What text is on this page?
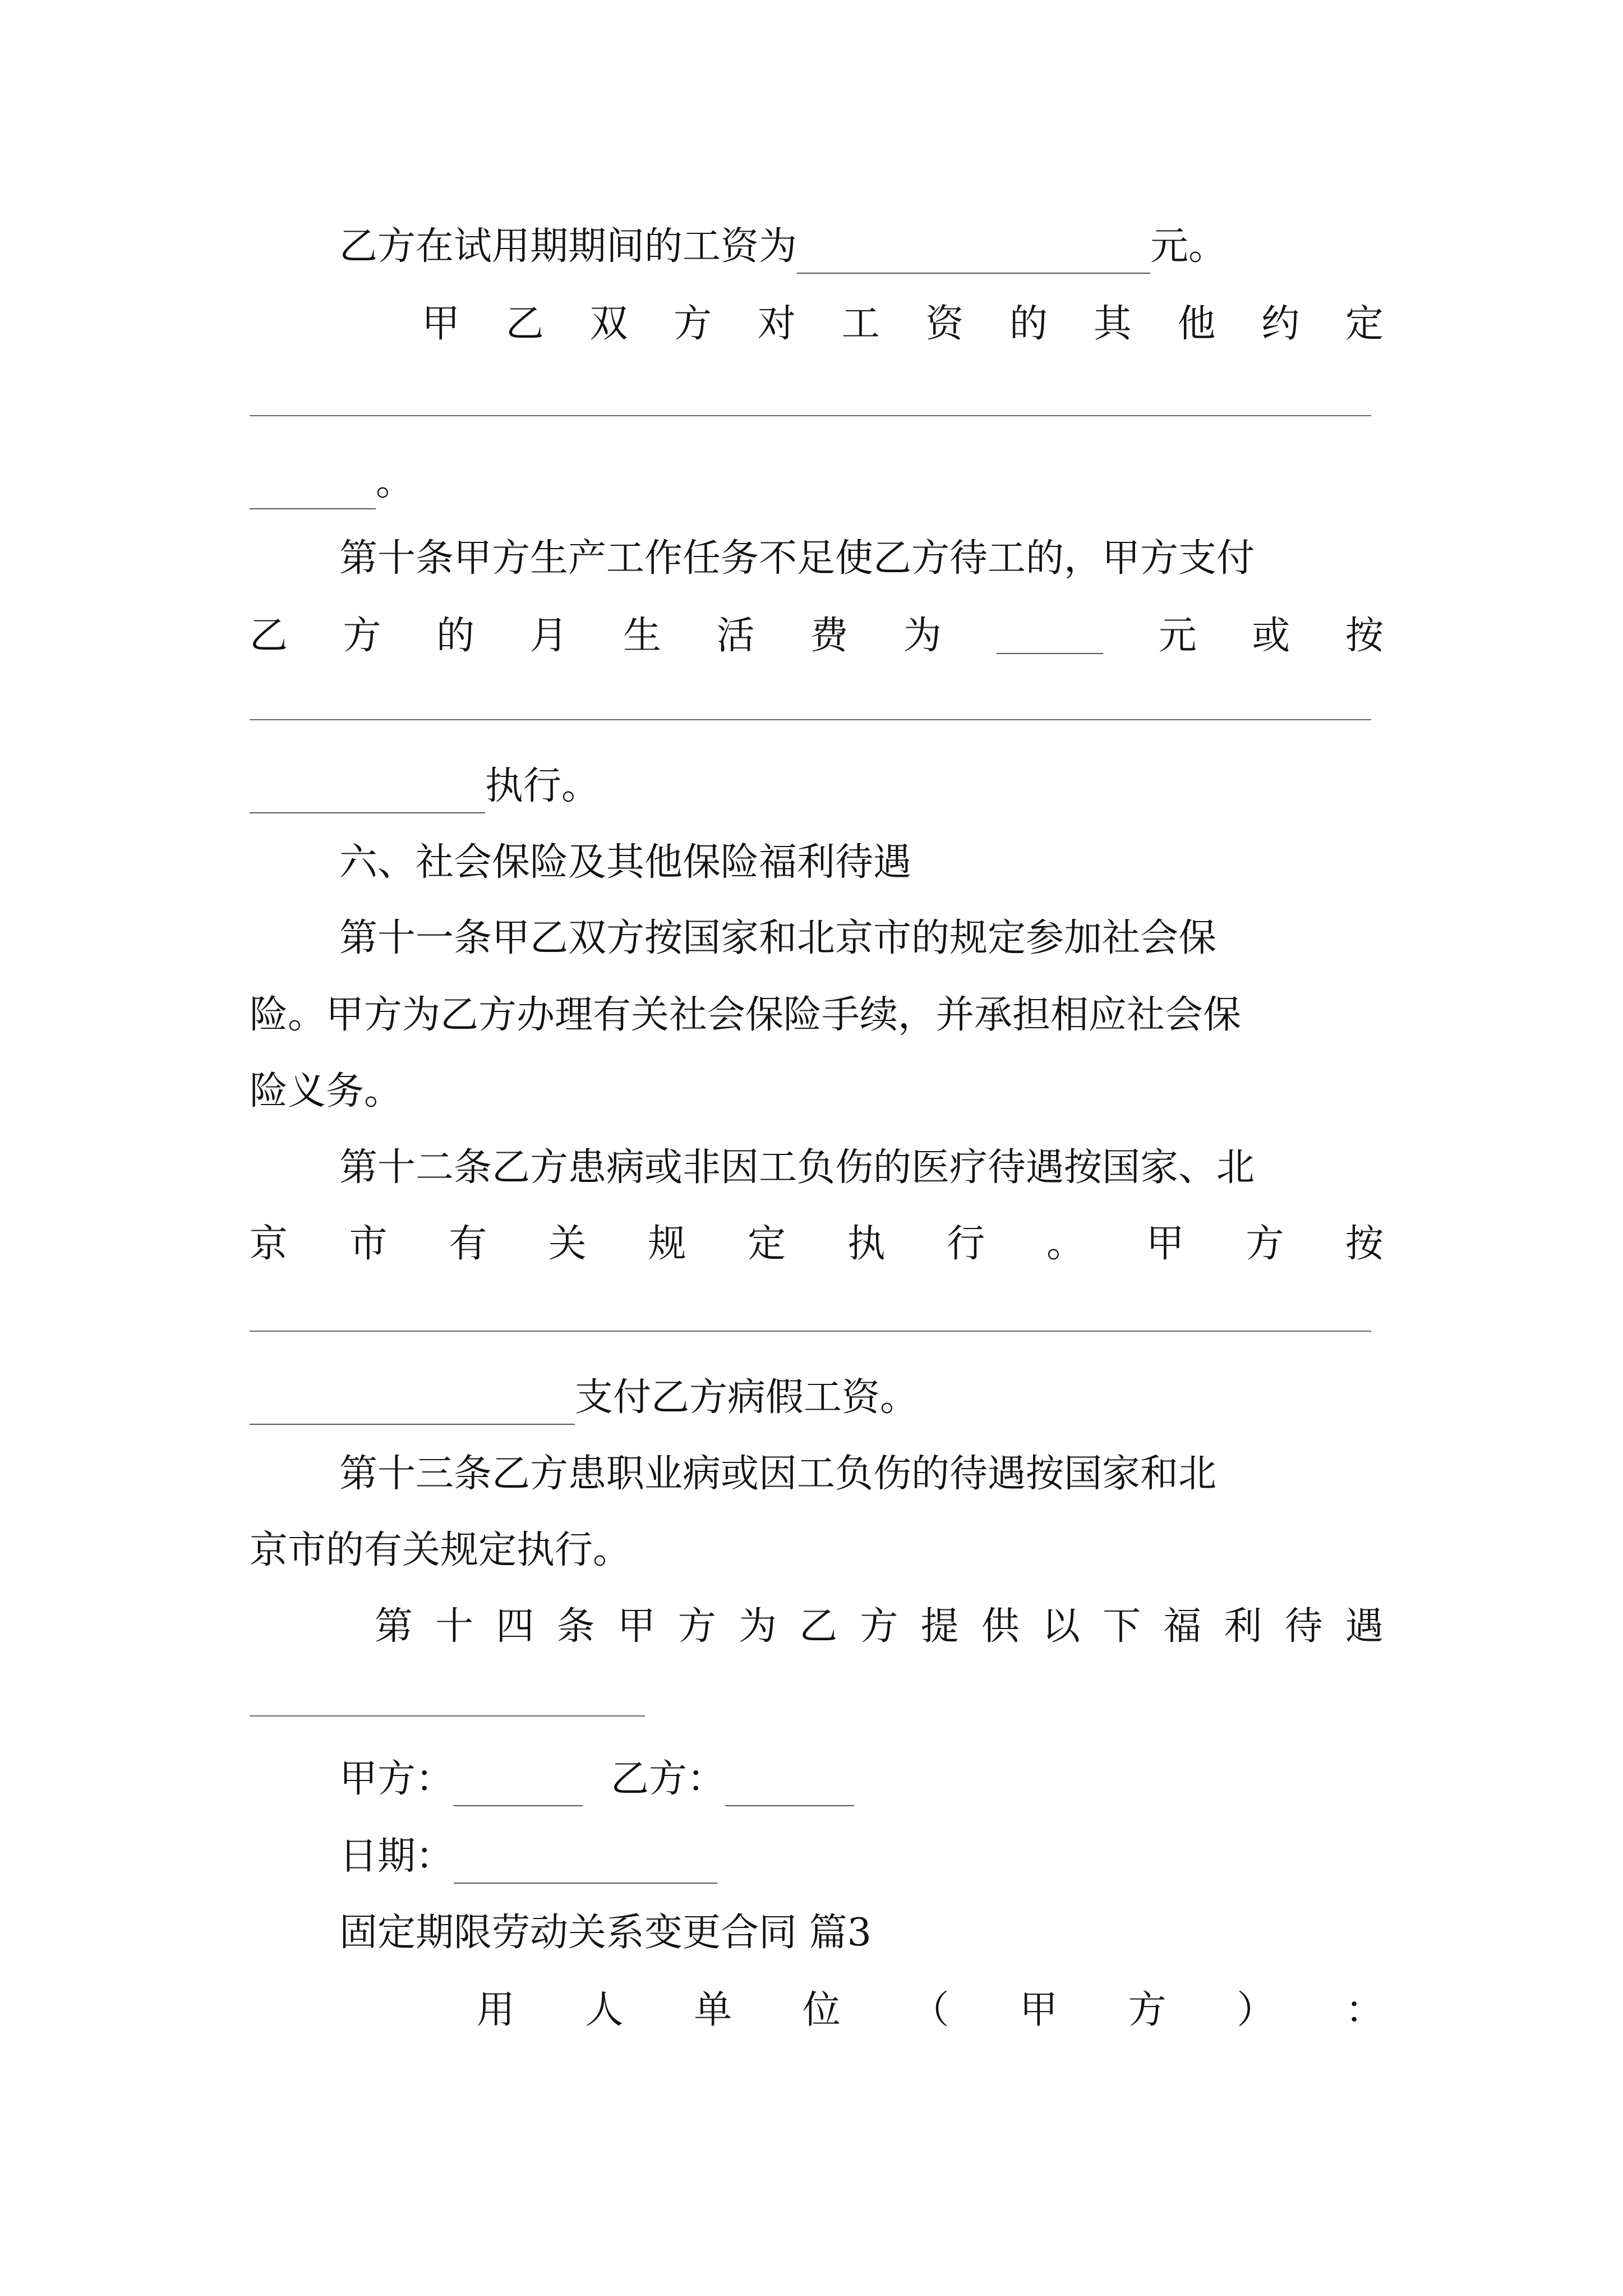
乙方在试用期期间的工资为	元。
甲 乙 双 方 对 工 资 的 其 他 约 定
。
第十条甲方生产工作任务不足使乙方待工的，甲方支付
乙 方 的 月 生 活 费 为	元 或 按
执行。
六、社会保险及其他保险福利待遇
第十一条甲乙双方按国家和北京市的规定参加社会保
险。甲方为乙方办理有关社会保险手续，并承担相应社会保
险义务。
第十二条乙方患病或非因工负伤的医疗待遇按国家、北
京 市 有 关 规 定 执 行 。 甲 方 按
支付乙方病假工资。
第十三条乙方患职业病或因工负伤的待遇按国家和北
京市的有关规定执行。
第 十 四 条 甲 方 为 乙 方 提 供 以 下 福 利 待 遇
甲方：	乙方：
日期：
固定期限劳动关系变更合同 篇3
用 人 单 位 （ 甲 方 ） ：
